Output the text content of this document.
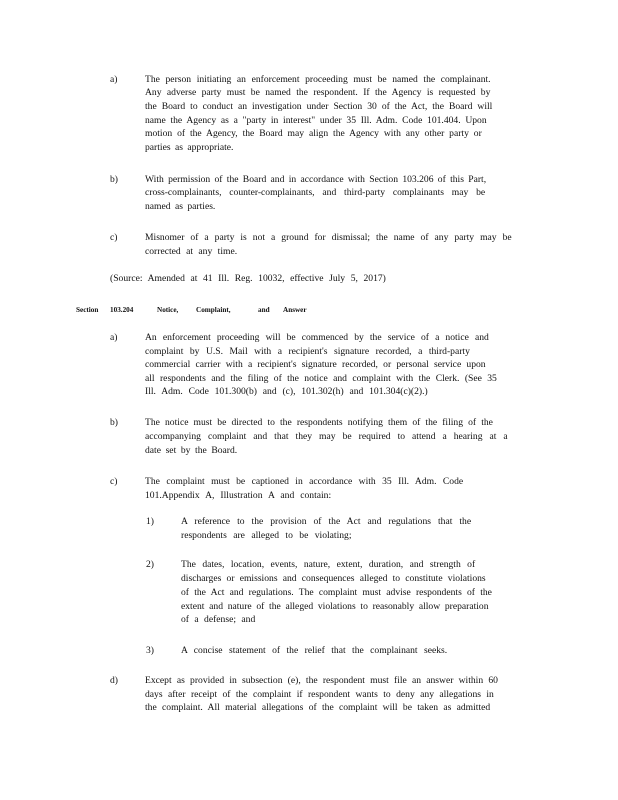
a)	The person initiating an enforcement proceeding must be named the complainant.
Any adverse party must be named the respondent. If the Agency is requested by
the Board to conduct an investigation under Section 30 of the Act, the Board will
name the Agency as a "party in interest" under 35 Ill. Adm. Code 101.404. Upon
motion of the Agency, the Board may align the Agency with any other party or
parties as appropriate.
b)	With permission of the Board and in accordance with Section 103.206 of this Part,
cross-complainants, counter-complainants, and third-party complainants may be
named as parties.
c)	Misnomer of a party is not a ground for dismissal; the name of any party may be
corrected at any time.
(Source: Amended at 41 Ill. Reg. 10032, effective July 5, 2017)
Section 103.204	Notice, Complaint,	and Answer
a)	An enforcement proceeding will be commenced by the service of a notice and
complaint by U.S. Mail with a recipient's signature recorded, a third-party
commercial carrier with a recipient's signature recorded, or personal service upon
all respondents and the filing of the notice and complaint with the Clerk. (See 35
Ill. Adm. Code 101.300(b) and (c), 101.302(h) and 101.304(c)(2).)
b)	The notice must be directed to the respondents notifying them of the filing of the
accompanying complaint and that they may be required to attend a hearing at a
date set by the Board.
c)	The complaint must be captioned in accordance with 35 Ill. Adm. Code
101.Appendix A, Illustration A and contain:
1)	A reference to the provision of the Act and regulations that the
respondents are alleged to be violating;
2)	The dates, location, events, nature, extent, duration, and strength of
discharges or emissions and consequences alleged to constitute violations
of the Act and regulations. The complaint must advise respondents of the
extent and nature of the alleged violations to reasonably allow preparation
of a defense; and
3)	A concise statement of the relief that the complainant seeks.
d)	Except as provided in subsection (e), the respondent must file an answer within 60
days after receipt of the complaint if respondent wants to deny any allegations in
the complaint. All material allegations of the complaint will be taken as admitted
